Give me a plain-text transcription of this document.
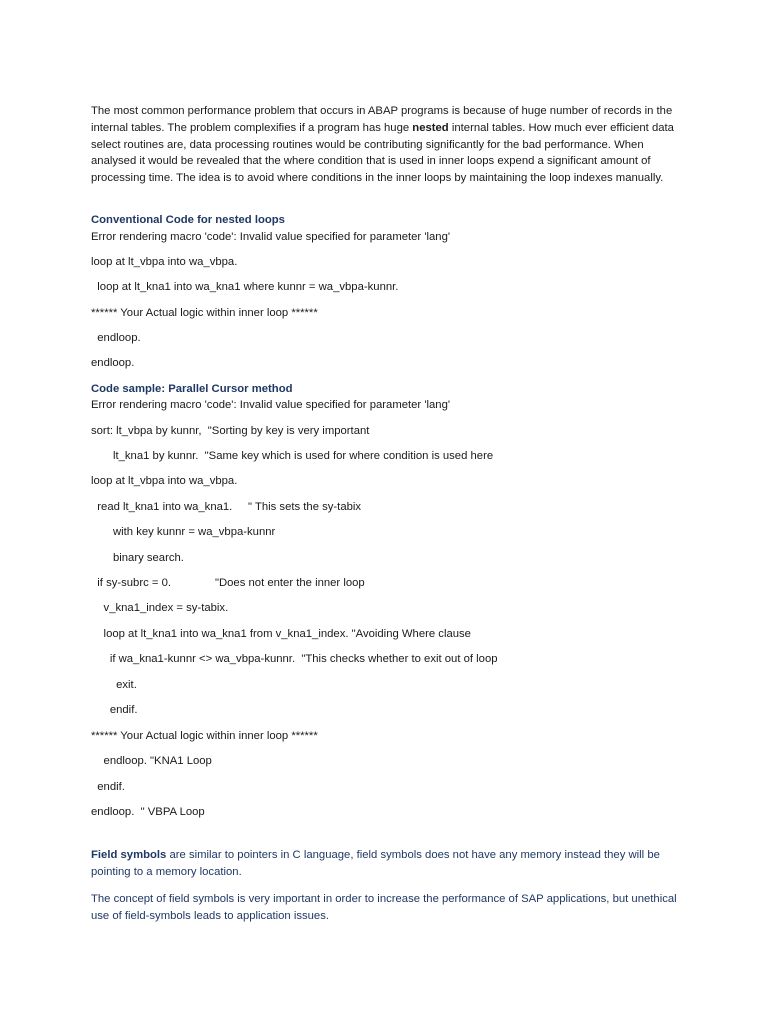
The most common performance problem that occurs in ABAP programs is because of huge number of records in the internal tables. The problem complexifies if a program has huge nested internal tables. How much ever efficient data select routines are, data processing routines would be contributing significantly for the bad performance. When analysed it would be revealed that the where condition that is used in inner loops expend a significant amount of processing time. The idea is to avoid where conditions in the inner loops by maintaining the loop indexes manually.

Conventional Code for nested loops

Error rendering macro 'code': Invalid value specified for parameter 'lang'

loop at lt_vbpa into wa_vbpa.

loop at lt_kna1 into wa_kna1 where kunnr = wa_vbpa-kunnr.

****** Your Actual logic within inner loop ******

endloop.

endloop.

Code sample: Parallel Cursor method

Error rendering macro 'code': Invalid value specified for parameter 'lang'

sort: lt_vbpa by kunnr,  "Sorting by key is very important

lt_kna1 by kunnr.  "Same key which is used for where condition is used here

loop at lt_vbpa into wa_vbpa.

read lt_kna1 into wa_kna1.     " This sets the sy-tabix

with key kunnr = wa_vbpa-kunnr

binary search.

if sy-subrc = 0.              "Does not enter the inner loop

v_kna1_index = sy-tabix.

loop at lt_kna1 into wa_kna1 from v_kna1_index. "Avoiding Where clause

if wa_kna1-kunnr <> wa_vbpa-kunnr.  "This checks whether to exit out of loop

exit.

endif.

****** Your Actual logic within inner loop ******

endloop. "KNA1 Loop

endif.

endloop.  " VBPA Loop

Field symbols are similar to pointers in C language, field symbols does not have any memory instead they will be pointing to a memory location.

The concept of field symbols is very important in order to increase the performance of SAP applications, but unethical use of field-symbols leads to application issues.
